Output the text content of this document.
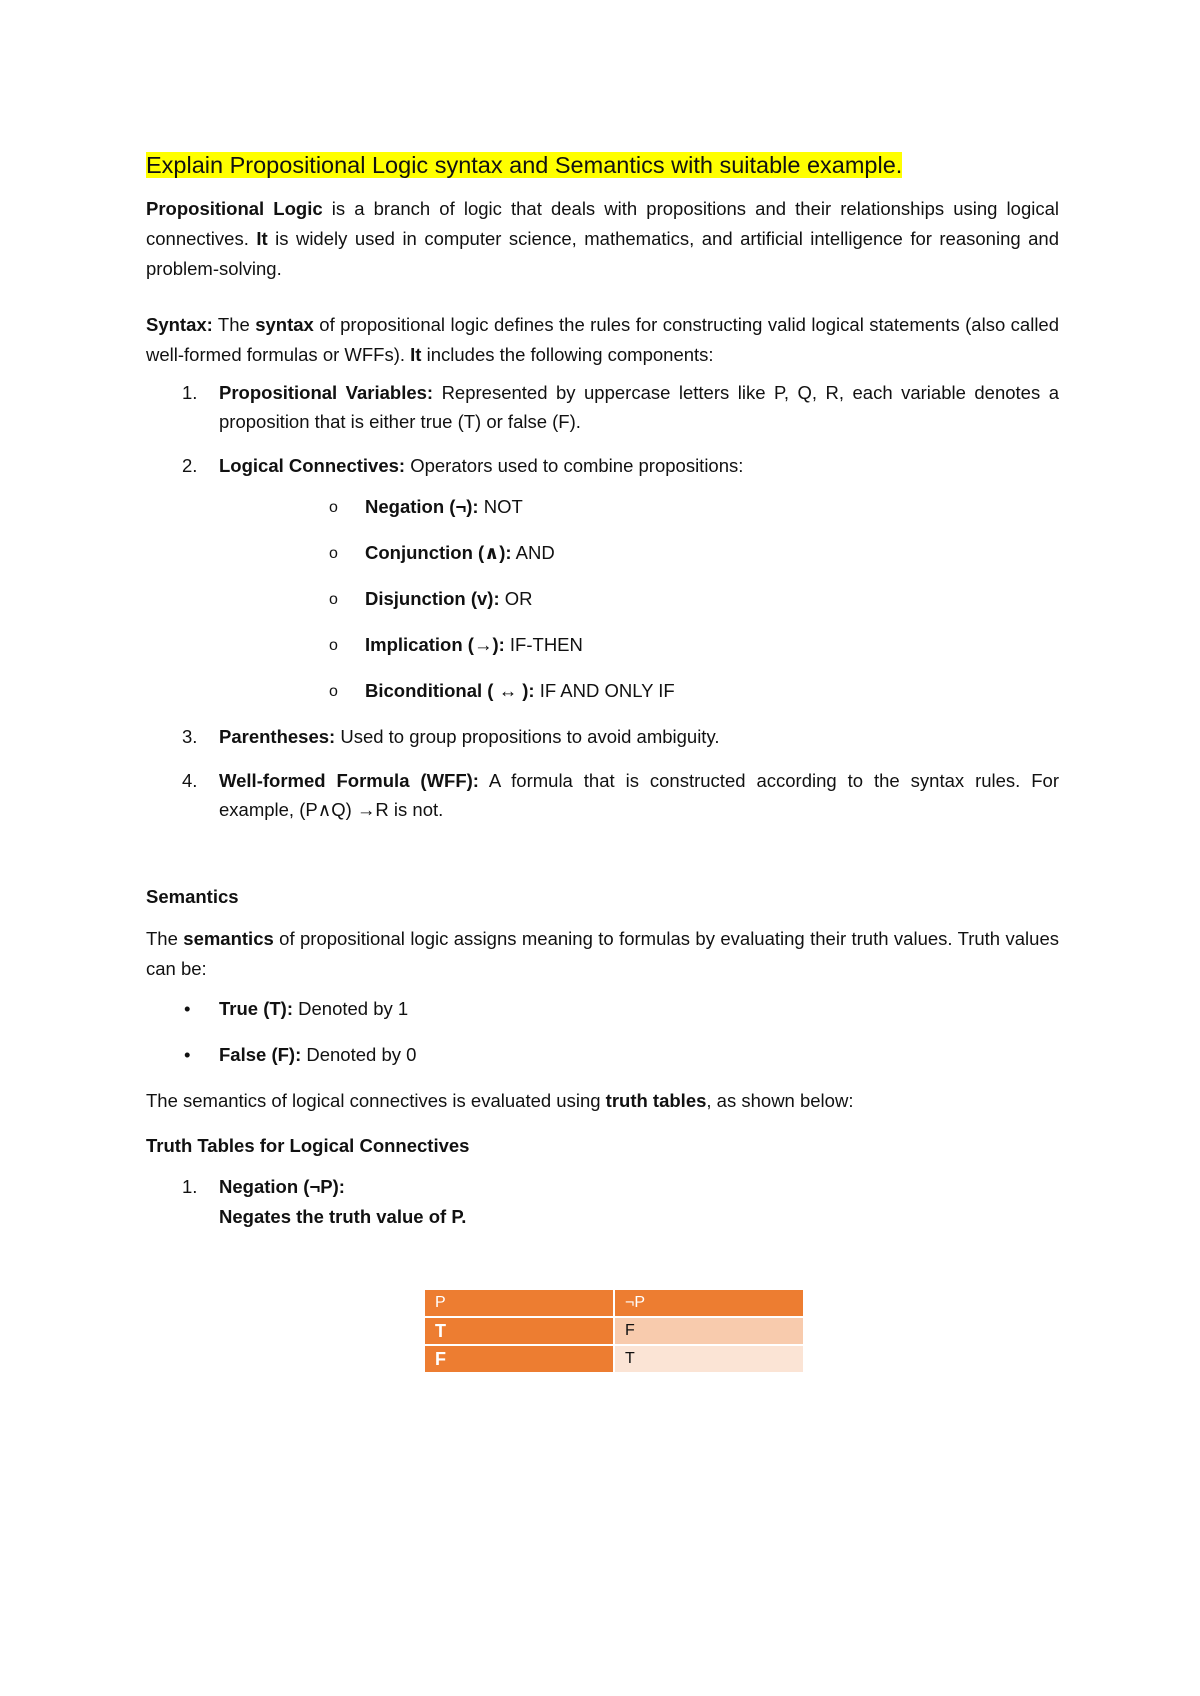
Explain Propositional Logic syntax and Semantics with suitable example.

Propositional Logic is a branch of logic that deals with propositions and their relationships using logical connectives. It is widely used in computer science, mathematics, and artificial intelligence for reasoning and problem-solving.

Syntax: The syntax of propositional logic defines the rules for constructing valid logical statements (also called well-formed formulas or WFFs). It includes the following components:

1. Propositional Variables: Represented by uppercase letters like P, Q, R, each variable denotes a proposition that is either true (T) or false (F).
2. Logical Connectives: Operators used to combine propositions:
o Negation (¬): NOT
o Conjunction (∧): AND
o Disjunction (v): OR
o Implication (→): IF-THEN
o Biconditional ( ↔ ): IF AND ONLY IF
3. Parentheses: Used to group propositions to avoid ambiguity.
4. Well-formed Formula (WFF): A formula that is constructed according to the syntax rules. For example, (P∧Q) →R is not.

Semantics

The semantics of propositional logic assigns meaning to formulas by evaluating their truth values. Truth values can be:

• True (T): Denoted by 1
• False (F): Denoted by 0

The semantics of logical connectives is evaluated using truth tables, as shown below:

Truth Tables for Logical Connectives

1. Negation (¬P):
Negates the truth value of P.
P	¬P
T	F
F	T
